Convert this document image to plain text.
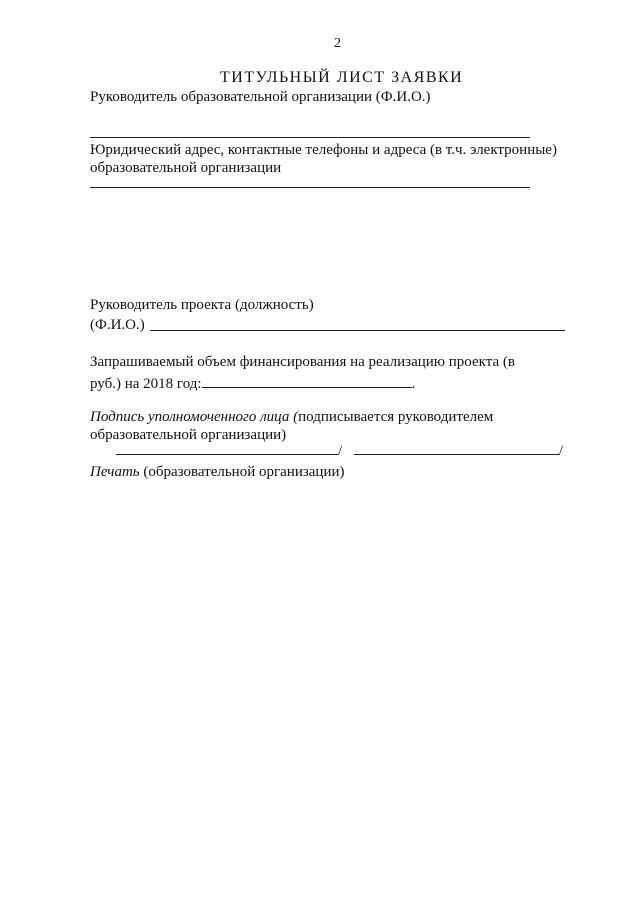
2
ТИТУЛЬНЫЙ ЛИСТ ЗАЯВКИ
Руководитель образовательной организации (Ф.И.О.)
Юридический адрес, контактные телефоны и адреса (в т.ч. электронные)
образовательной организации
Руководитель проекта (должность)
(Ф.И.О.)
Запрашиваемый объем финансирования на реализацию проекта (в
руб.) на 2018 год:	.
Подпись уполномоченного лица (подписывается руководителем
образовательной организации)
/	/
Печать (образовательной организации)
